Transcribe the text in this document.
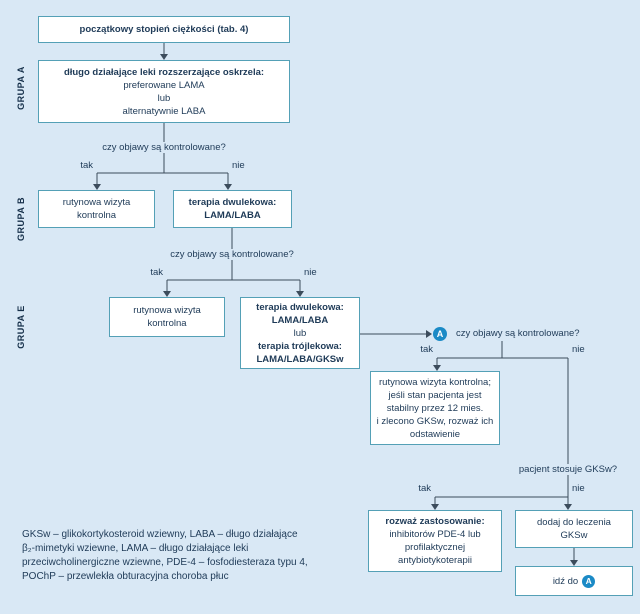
GRUPA A
GRUPA B
GRUPA E
początkowy stopień ciężkości (tab. 4)
długo działające leki rozszerzające oskrzela:
preferowane LAMA
lub
alternatywnie LABA
czy objawy są kontrolowane?
tak	nie
rutynowa wizyta
kontrolna
terapia dwulekowa:
LAMA/LABA
czy objawy są kontrolowane?
tak	nie
rutynowa wizyta
kontrolna
terapia dwulekowa:
LAMA/LABA
lub
terapia trójlekowa:
LAMA/LABA/GKSw
A	czy objawy są kontrolowane?
tak	nie
rutynowa wizyta kontrolna;
jeśli stan pacjenta jest
stabilny przez 12 mies.
i zlecono GKSw, rozważ ich
odstawienie
pacjent stosuje GKSw?
tak	nie
rozważ zastosowanie:
inhibitorów PDE-4 lub
profilaktycznej
antybiotykoterapii
dodaj do leczenia
GKSw
idź do A
GKSw – glikokortykosteroid wziewny, LABA – długo działające
β₂-mimetyki wziewne, LAMA – długo działające leki
przeciwcholinergiczne wziewne, PDE-4 – fosfodiesteraza typu 4,
POChP – przewlekła obturacyjna choroba płuc
